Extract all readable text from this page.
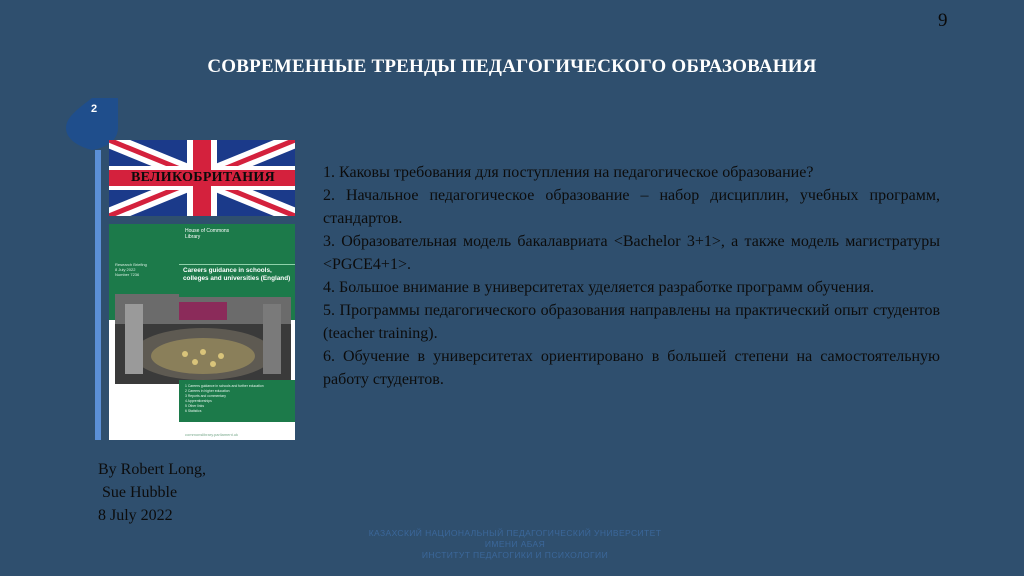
9
СОВРЕМЕННЫЕ ТРЕНДЫ ПЕДАГОГИЧЕСКОГО ОБРАЗОВАНИЯ
2
ВЕЛИКОБРИТАНИЯ
House of Commons
Library
Research Briefing
8 July 2022
Number 7236
Careers guidance in schools, colleges and universities (England)
1 Careers guidance in schools and further education
2 Careers in higher education
3 Reports and commentary
4 Apprenticeships
5 Other links
6 Statistics
commonslibrary.parliament.uk

1. Каковы требования для поступления на педагогическое образование?

2. Начальное педагогическое образование – набор дисциплин, учебных программ, стандартов.

3. Образовательная модель бакалавриата <Bachelor 3+1>, а также модель магистратуры <PGCE4+1>.

4. Большое внимание в университетах уделяется разработке программ обучения.

5. Программы педагогического образования направлены на практический опыт студентов (teacher training).

6. Обучение в университетах ориентировано в большей степени на самостоятельную работу студентов.

By Robert Long,
Sue Hubble
8 July 2022
КАЗАХСКИЙ НАЦИОНАЛЬНЫЙ ПЕДАГОГИЧЕСКИЙ УНИВЕРСИТЕТ
ИМЕНИ АБАЯ
ИНСТИТУТ ПЕДАГОГИКИ И ПСИХОЛОГИИ
